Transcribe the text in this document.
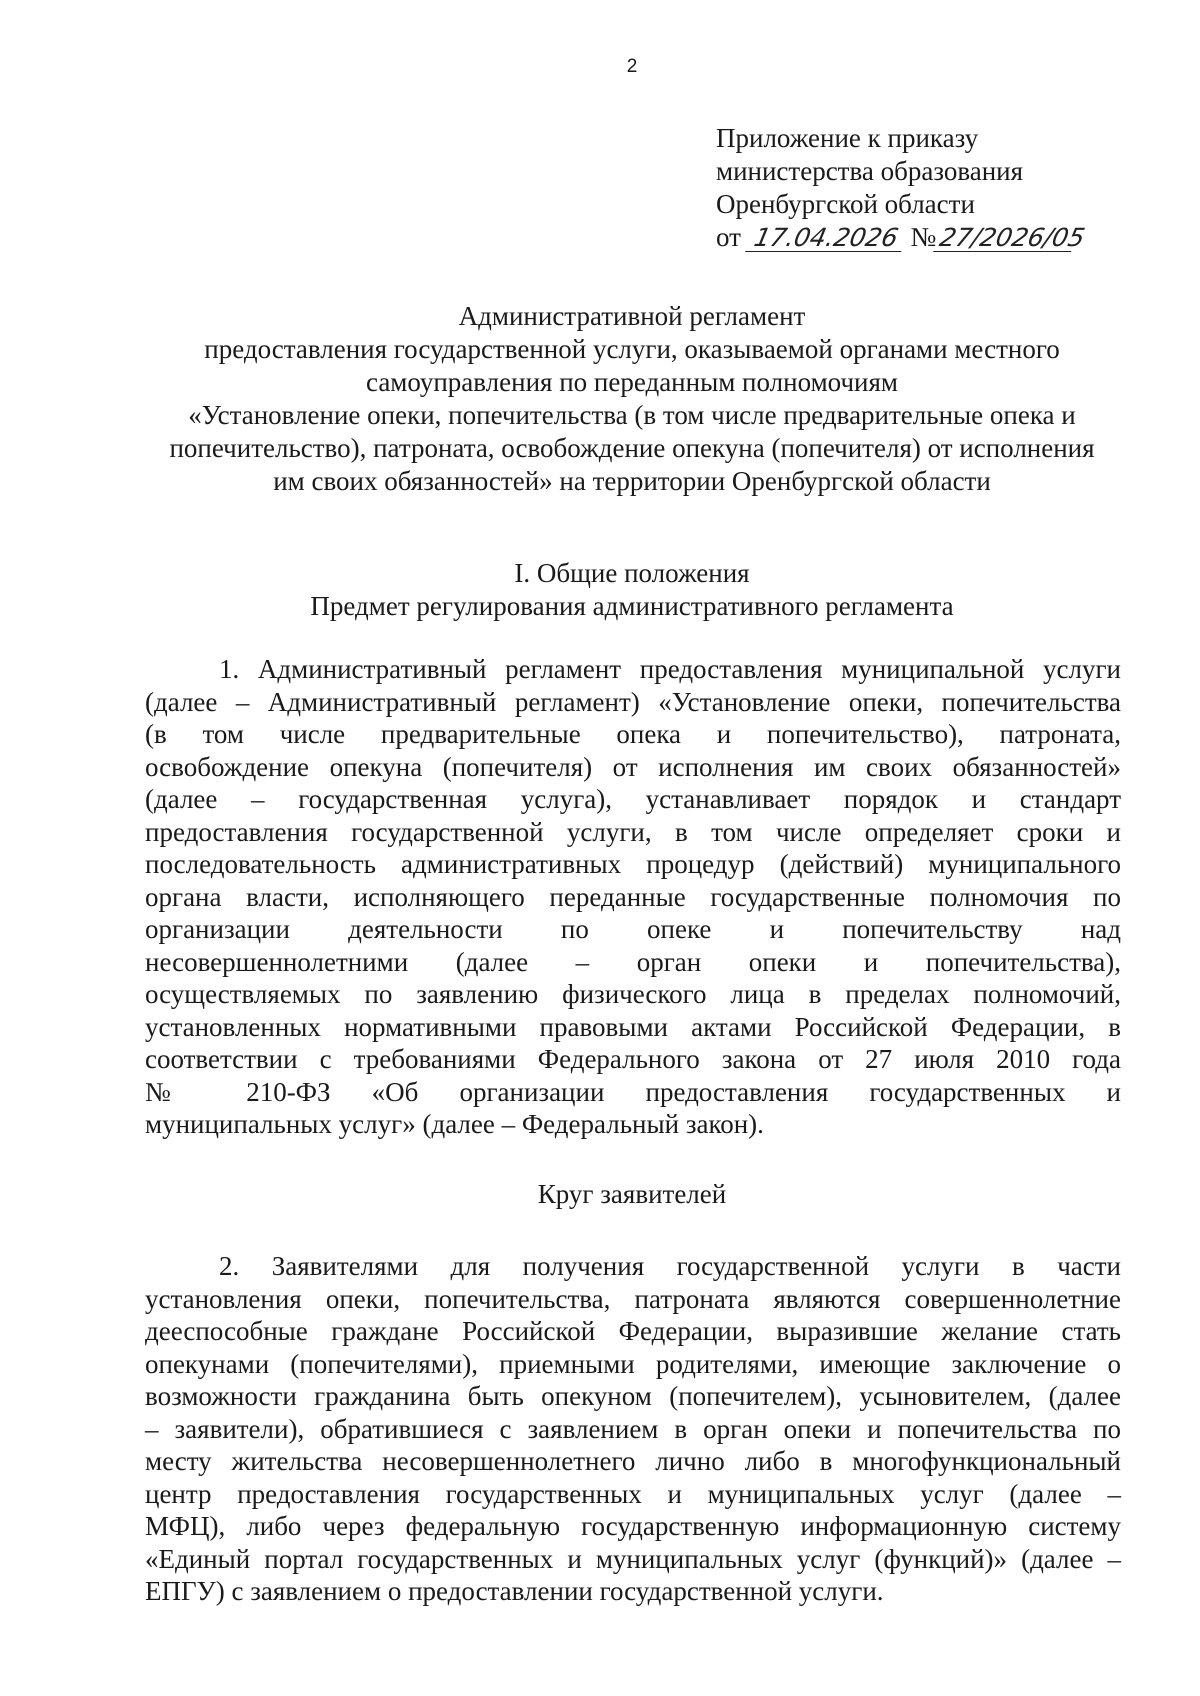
2
Приложение к приказу
министерства образования
Оренбургской области
от 17.04.2026 №27/2026/05
Административной регламент
предоставления государственной услуги, оказываемой органами местного
самоуправления по переданным полномочиям
«Установление опеки, попечительства (в том числе предварительные опека и
попечительство), патроната, освобождение опекуна (попечителя) от исполнения
им своих обязанностей» на территории Оренбургской области
I. Общие положения
Предмет регулирования административного регламента
1. Административный регламент предоставления муниципальной услуги
(далее – Административный регламент) «Установление опеки, попечительства
(в том числе предварительные опека и попечительство), патроната,
освобождение опекуна (попечителя) от исполнения им своих обязанностей»
(далее – государственная услуга), устанавливает порядок и стандарт
предоставления государственной услуги, в том числе определяет сроки и
последовательность административных процедур (действий) муниципального
органа власти, исполняющего переданные государственные полномочия по
организации деятельности по опеке и попечительству над
несовершеннолетними (далее – орган опеки и попечительства),
осуществляемых по заявлению физического лица в пределах полномочий,
установленных нормативными правовыми актами Российской Федерации, в
соответствии с требованиями Федерального закона от 27 июля 2010 года
№ 210-ФЗ «Об организации предоставления государственных и
муниципальных услуг» (далее – Федеральный закон).
Круг заявителей
2. Заявителями для получения государственной услуги в части
установления опеки, попечительства, патроната являются совершеннолетние
дееспособные граждане Российской Федерации, выразившие желание стать
опекунами (попечителями), приемными родителями, имеющие заключение о
возможности гражданина быть опекуном (попечителем), усыновителем, (далее
– заявители), обратившиеся с заявлением в орган опеки и попечительства по
месту жительства несовершеннолетнего лично либо в многофункциональный
центр предоставления государственных и муниципальных услуг (далее –
МФЦ), либо через федеральную государственную информационную систему
«Единый портал государственных и муниципальных услуг (функций)» (далее –
ЕПГУ) с заявлением о предоставлении государственной услуги.
